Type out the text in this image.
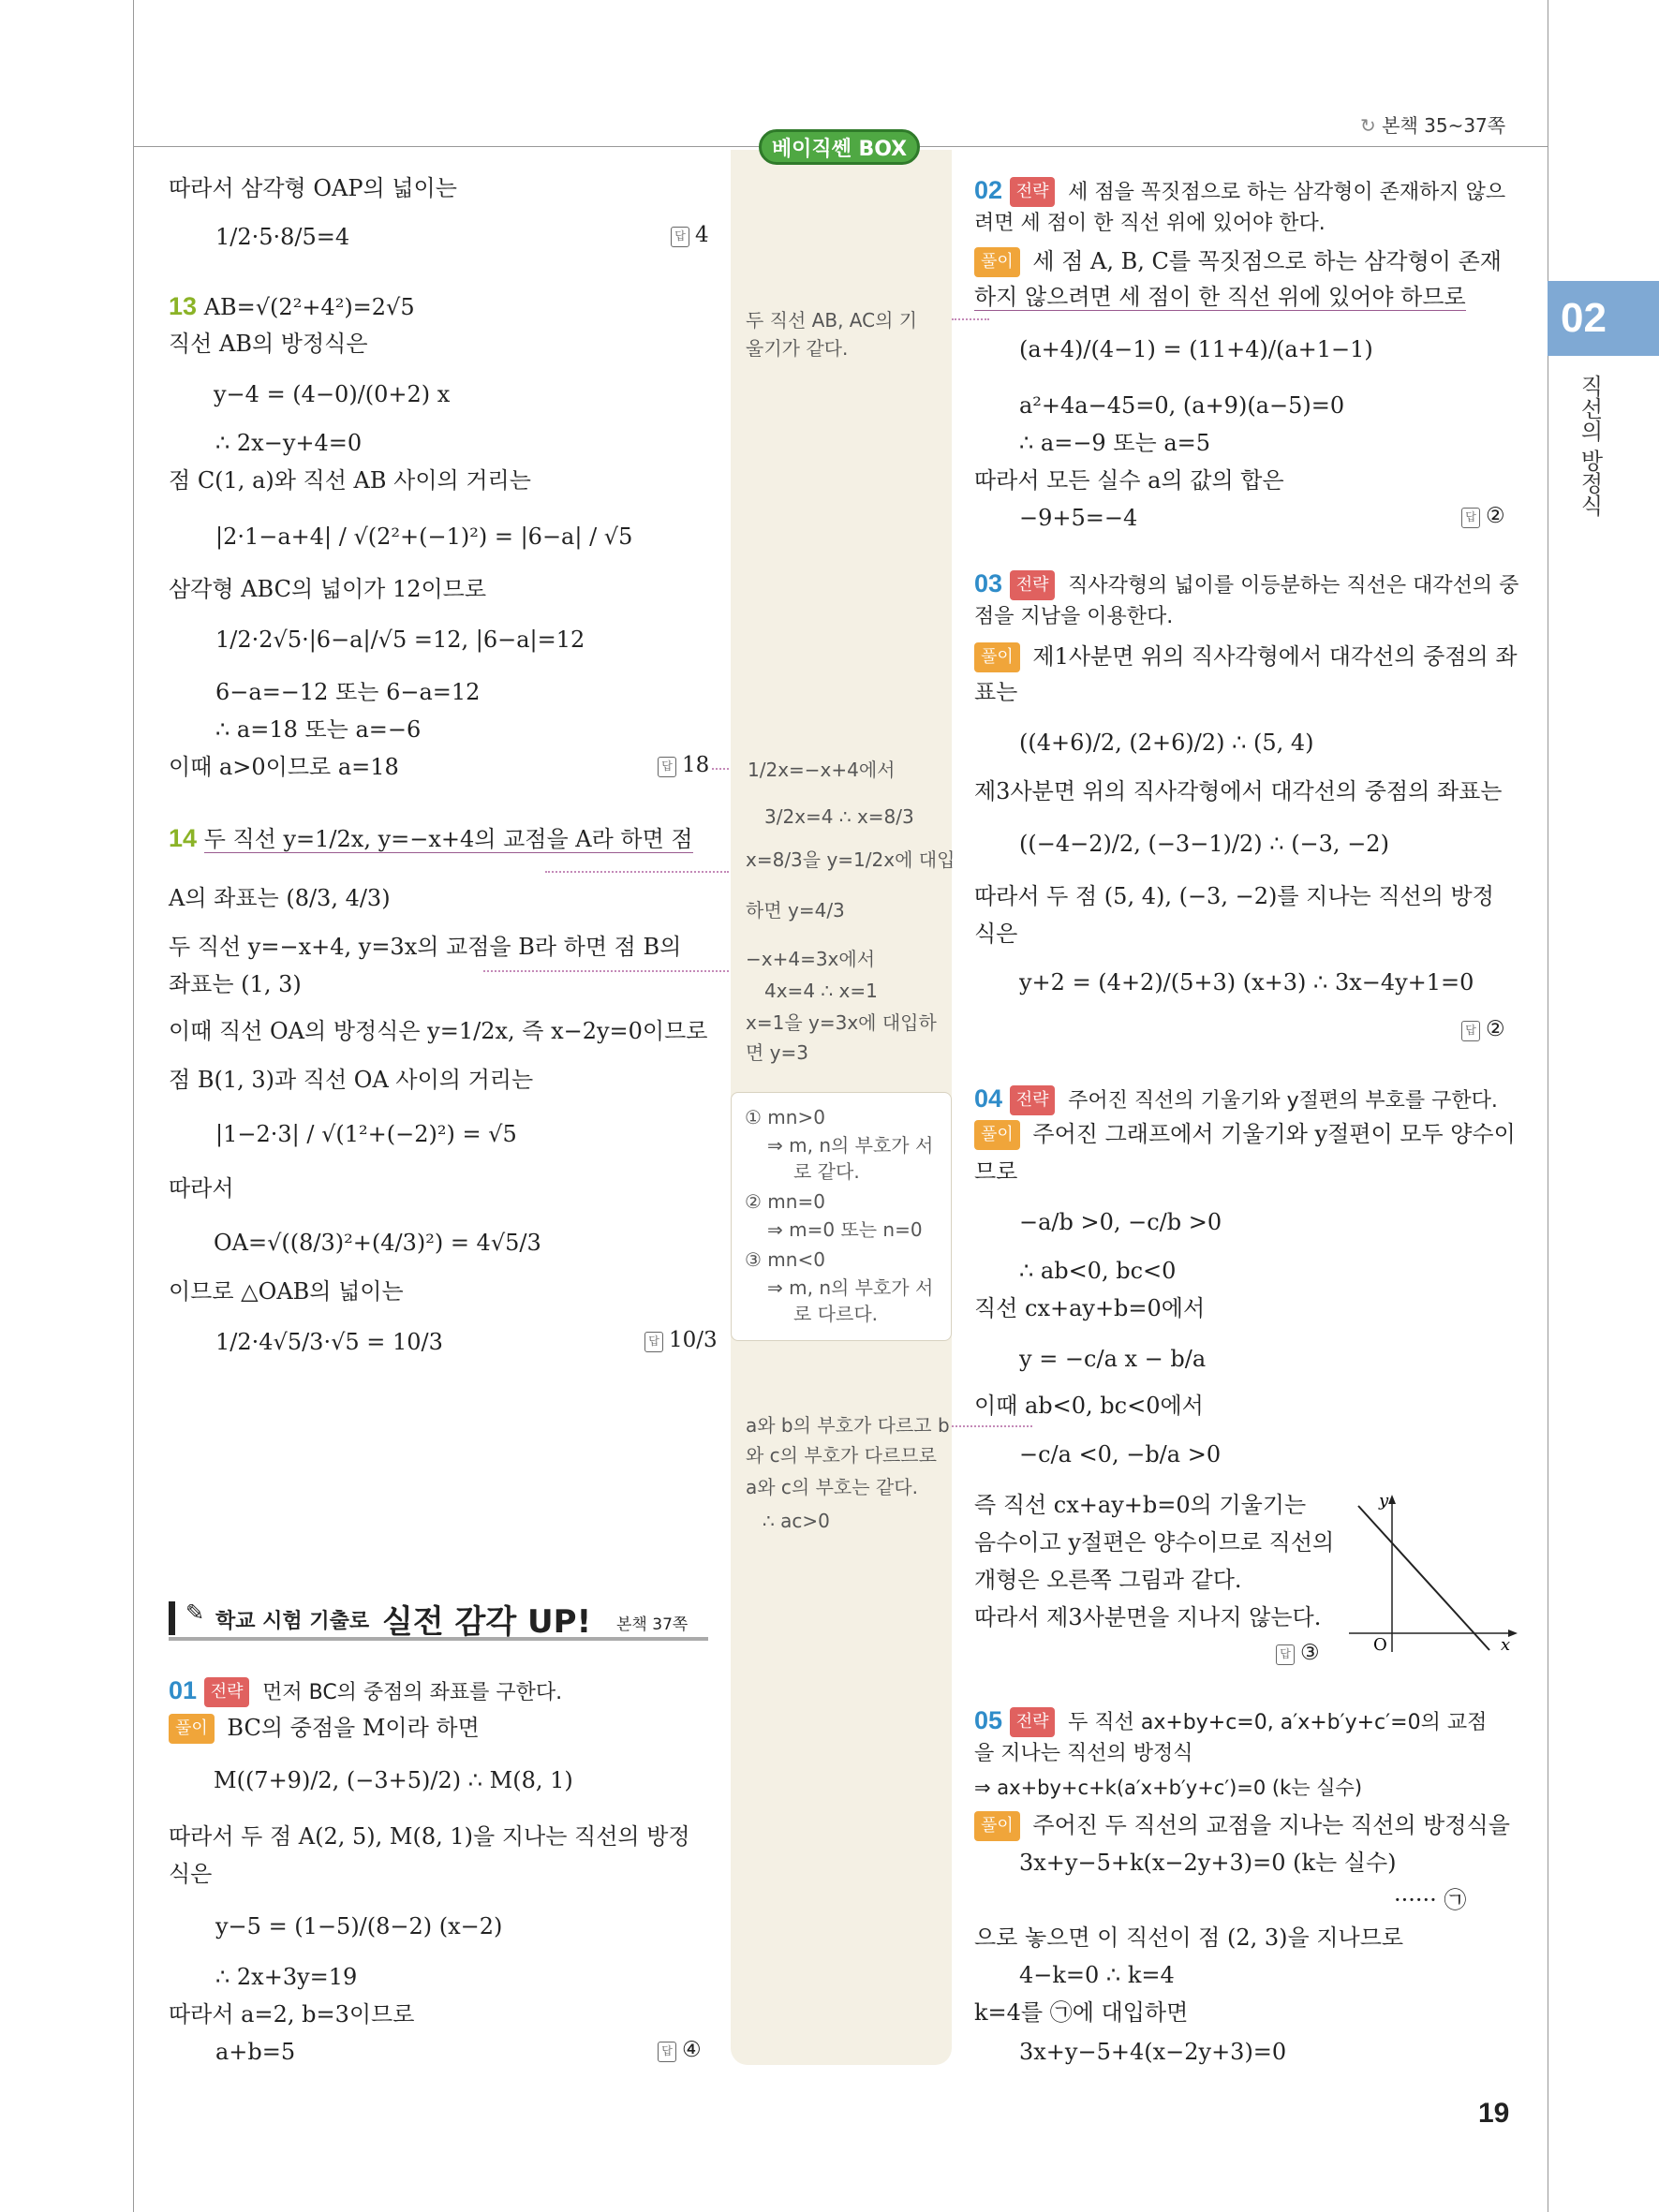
↻ 본책 35~37쪽
베이직쎈 BOX
02
직선의 방정식
따라서 삼각형 OAP의 넓이는
1/2·5·8/5=4	답 4
13 AB=√(2²+4²)=2√5
직선 AB의 방정식은
y−4 = (4−0)/(0+2) x
∴ 2x−y+4=0
점 C(1, a)와 직선 AB 사이의 거리는
|2·1−a+4| / √(2²+(−1)²) = |6−a| / √5
삼각형 ABC의 넓이가 12이므로
1/2·2√5·|6−a|/√5 =12, |6−a|=12
6−a=−12 또는 6−a=12
∴ a=18 또는 a=−6
이때 a>0이므로 a=18	답 18
14 두 직선 y=1/2x, y=−x+4의 교점을 A라 하면 점
A의 좌표는 (8/3, 4/3)
두 직선 y=−x+4, y=3x의 교점을 B라 하면 점 B의
좌표는 (1, 3)
이때 직선 OA의 방정식은 y=1/2x, 즉 x−2y=0이므로
점 B(1, 3)과 직선 OA 사이의 거리는
|1−2·3| / √(1²+(−2)²) = √5
따라서
OA=√((8/3)²+(4/3)²) = 4√5/3
이므로 △OAB의 넓이는
1/2·4√5/3·√5 = 10/3	답 10/3
✎ 학교 시험 기출로 실전 감각 UP! 본책 37쪽
01 전략 먼저 BC의 중점의 좌표를 구한다.
풀이 BC의 중점을 M이라 하면
M((7+9)/2, (−3+5)/2) ∴ M(8, 1)
따라서 두 점 A(2, 5), M(8, 1)을 지나는 직선의 방정
식은
y−5 = (1−5)/(8−2) (x−2)
∴ 2x+3y=19
따라서 a=2, b=3이므로
a+b=5	답 ④
두 직선 AB, AC의 기
울기가 같다.
1/2x=−x+4에서
3/2x=4 ∴ x=8/3
x=8/3을 y=1/2x에 대입
하면 y=4/3
−x+4=3x에서
4x=4 ∴ x=1
x=1을 y=3x에 대입하
면 y=3
① mn>0
⇒ m, n의 부호가 서
로 같다.
② mn=0
⇒ m=0 또는 n=0
③ mn<0
⇒ m, n의 부호가 서
로 다르다.
a와 b의 부호가 다르고 b
와 c의 부호가 다르므로
a와 c의 부호는 같다.
∴ ac>0
02 전략 세 점을 꼭짓점으로 하는 삼각형이 존재하지 않으
려면 세 점이 한 직선 위에 있어야 한다.
풀이 세 점 A, B, C를 꼭짓점으로 하는 삼각형이 존재
하지 않으려면 세 점이 한 직선 위에 있어야 하므로
(a+4)/(4−1) = (11+4)/(a+1−1)
a²+4a−45=0, (a+9)(a−5)=0
∴ a=−9 또는 a=5
따라서 모든 실수 a의 값의 합은
−9+5=−4	답 ②
03 전략 직사각형의 넓이를 이등분하는 직선은 대각선의 중
점을 지남을 이용한다.
풀이 제1사분면 위의 직사각형에서 대각선의 중점의 좌
표는
((4+6)/2, (2+6)/2) ∴ (5, 4)
제3사분면 위의 직사각형에서 대각선의 중점의 좌표는
((−4−2)/2, (−3−1)/2) ∴ (−3, −2)
따라서 두 점 (5, 4), (−3, −2)를 지나는 직선의 방정
식은
y+2 = (4+2)/(5+3) (x+3) ∴ 3x−4y+1=0
답 ②
04 전략 주어진 직선의 기울기와 y절편의 부호를 구한다.
풀이 주어진 그래프에서 기울기와 y절편이 모두 양수이
므로
−a/b >0, −c/b >0
∴ ab<0, bc<0
직선 cx+ay+b=0에서
y = −c/a x − b/a
이때 ab<0, bc<0에서
−c/a <0, −b/a >0
즉 직선 cx+ay+b=0의 기울기는
음수이고 y절편은 양수이므로 직선의
개형은 오른쪽 그림과 같다.
따라서 제3사분면을 지나지 않는다.
답 ③
y
x
O
05 전략 두 직선 ax+by+c=0, a′x+b′y+c′=0의 교점
을 지나는 직선의 방정식
⇒ ax+by+c+k(a′x+b′y+c′)=0 (k는 실수)
풀이 주어진 두 직선의 교점을 지나는 직선의 방정식을
3x+y−5+k(x−2y+3)=0 (k는 실수)
······ ㉠
으로 놓으면 이 직선이 점 (2, 3)을 지나므로
4−k=0 ∴ k=4
k=4를 ㉠에 대입하면
3x+y−5+4(x−2y+3)=0
19
